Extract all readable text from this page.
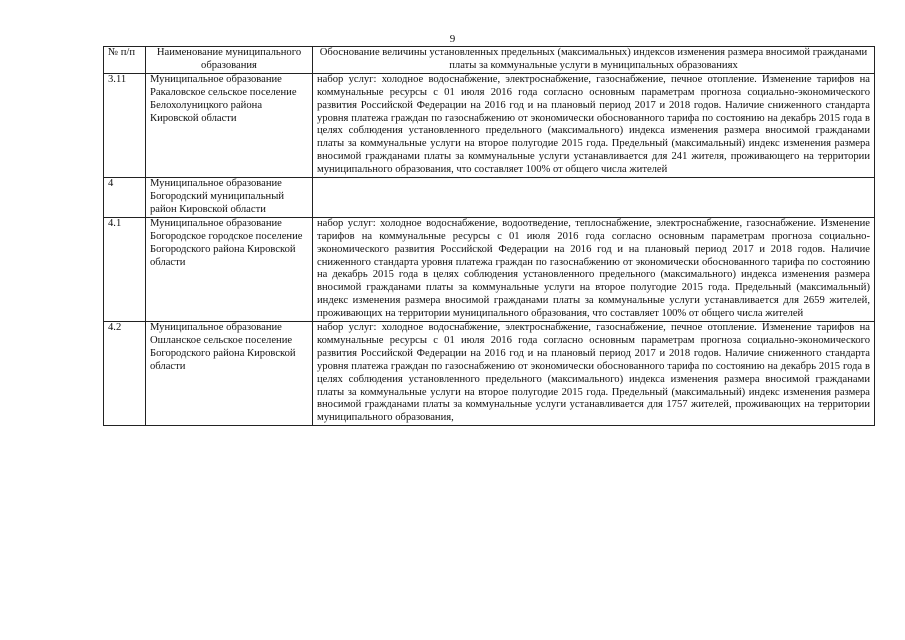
9
№ п/п	Наименование муниципального образования	Обоснование величины установленных предельных (максимальных) индексов изменения размера вносимой гражданами платы за коммунальные услуги в муниципальных образованиях
3.11	Муниципальное образование Ракаловское сельское поселение Белохолуницкого района Кировской области	набор услуг: холодное водоснабжение, электроснабжение, газоснабжение, печное отопление. Изменение тарифов на коммунальные ресурсы с 01 июля 2016 года согласно основным параметрам прогноза социально-экономического развития Российской Федерации на 2016 год и на плановый период 2017 и 2018 годов. Наличие сниженного стандарта уровня платежа граждан по газоснабжению от экономически обоснованного тарифа по состоянию на декабрь 2015 года в целях соблюдения установленного предельного (максимального) индекса изменения размера вносимой гражданами платы за коммунальные услуги на второе полугодие 2015 года. Предельный (максимальный) индекс изменения размера вносимой гражданами платы за коммунальные услуги устанавливается для 241 жителя, проживающего на территории муниципального образования, что составляет 100% от общего числа жителей
4	Муниципальное образование Богородский муниципальный район Кировской области	
4.1	Муниципальное образование Богородское городское поселение Богородского района Кировской области	набор услуг: холодное водоснабжение, водоотведение, теплоснабжение, электроснабжение, газоснабжение. Изменение тарифов на коммунальные ресурсы с 01 июля 2016 года согласно основным параметрам прогноза социально-экономического развития Российской Федерации на 2016 год и на плановый период 2017 и 2018 годов. Наличие сниженного стандарта уровня платежа граждан по газоснабжению от экономически обоснованного тарифа по состоянию на декабрь 2015 года в целях соблюдения установленного предельного (максимального) индекса изменения размера вносимой гражданами платы за коммунальные услуги на второе полугодие 2015 года. Предельный (максимальный) индекс изменения размера вносимой гражданами платы за коммунальные услуги устанавливается для 2659 жителей, проживающих на территории муниципального образования, что составляет 100% от общего числа жителей
4.2	Муниципальное образование Ошланское сельское поселение Богородского района Кировской области	набор услуг: холодное водоснабжение, электроснабжение, газоснабжение, печное отопление. Изменение тарифов на коммунальные ресурсы с 01 июля 2016 года согласно основным параметрам прогноза социально-экономического развития Российской Федерации на 2016 год и на плановый период 2017 и 2018 годов. Наличие сниженного стандарта уровня платежа граждан по газоснабжению от экономически обоснованного тарифа по состоянию на декабрь 2015 года в целях соблюдения установленного предельного (максимального) индекса изменения размера вносимой гражданами платы за коммунальные услуги на второе полугодие 2015 года. Предельный (максимальный) индекс изменения размера вносимой гражданами платы за коммунальные услуги устанавливается для 1757 жителей, проживающих на территории муниципального образования,
